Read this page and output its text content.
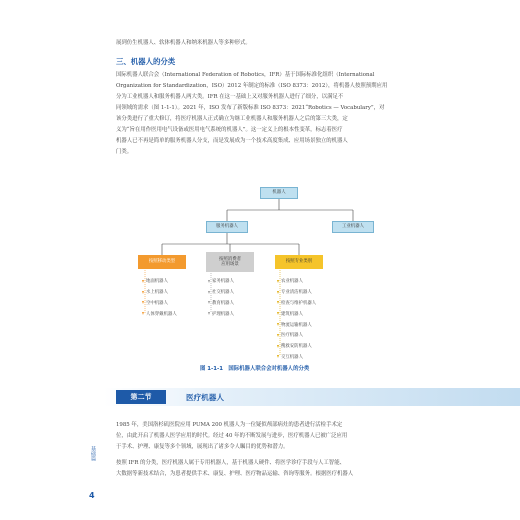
展到仿生机器人、软体机器人和纳米机器人等多种形式。

三、机器人的分类

国际机器人联合会（International Federation of Robotics，IFR）基于国际标准化组织（International

Organization for Standardization，ISO）2012 年制定的标准（ISO 8373：2012），将机器人按照预期应用

分为工业机器人和服务机器人两大类。IFR 在这一基础上又对服务机器人进行了细分，以满足不

同领域的需求（图 1-1-1）。2021 年，ISO 发布了新版标准 ISO 8373：2021“Robotics — Vocabulary”，对

该分类进行了重大修订，将医疗机器人正式确立为继工业机器人和服务机器人之后的第三大类，定

义为“旨在用作医用电气设备或医用电气系统的机器人”。这一定义上的根本性变革，标志着医疗

机器人已不再是简单的服务机器人分支，而是发展成为一个技术高度集成、应用场景独立的机器人

门类。

机器人
服务机器人	工业机器人
按照移动类型
按照消费者
应用场景
按照专业类别
地面机器人
水上机器人
空中机器人
人体穿戴机器人
家务机器人
社交机器人
教育机器人
护理机器人
农业机器人
专业清洁机器人
检查与维护机器人
建筑机器人
物流运输机器人
医疗机器人
搜救安防机器人
交互机器人

图 1-1-1　国际机器人联合会对机器人的分类

第二节	医疗机器人

1985 年，美国洛杉矶医院应用 PUMA 200 机器人为一位疑似颅部病灶的患者进行活检手术定

位，由此开启了机器人医学应用的时代。经过 40 年的不断发展与进步，医疗机器人已被广泛应用

于手术、护理、康复等多个领域，展现出了诸多令人瞩目的优势和潜力。

按照 IFR 的分类，医疗机器人属于专用机器人，基于机器人硬件、将医学诊疗手段与人工智能、

大数据等新技术结合，为患者提供手术、康复、护理、医疗物品运输、咨询等服务。根据医疗机器人

基础篇
4
